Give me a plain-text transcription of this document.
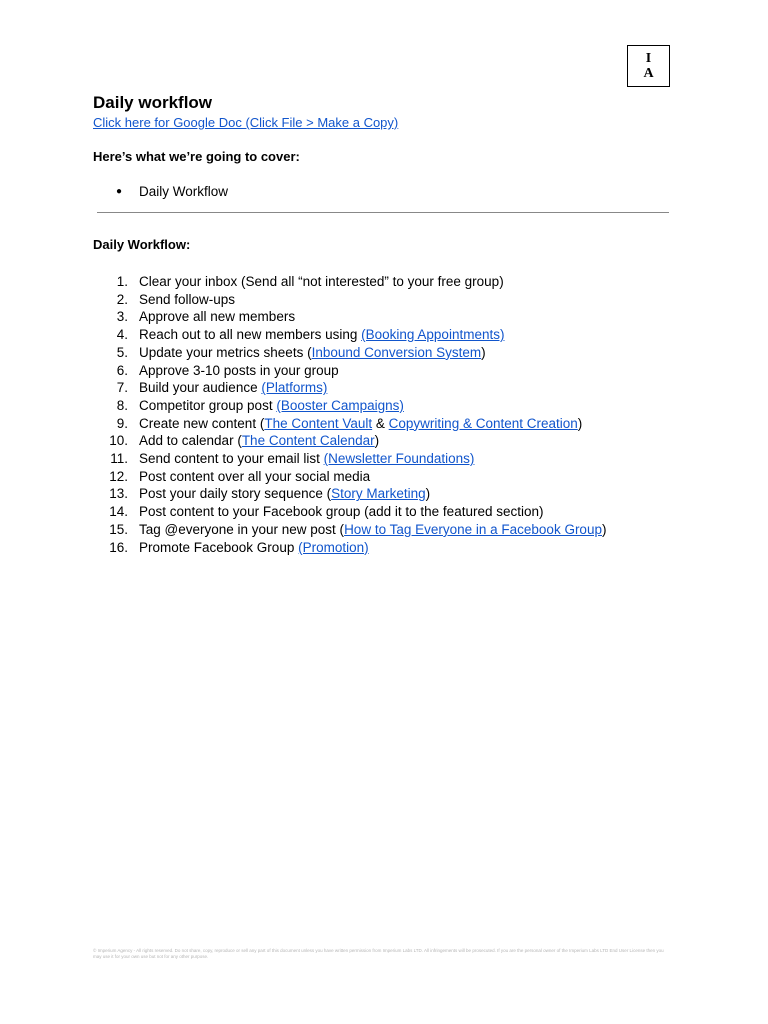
I
A
Daily workflow
Click here for Google Doc (Click File > Make a Copy)
Here’s what we’re going to cover:
● Daily Workflow
Daily Workflow:
1. Clear your inbox (Send all “not interested” to your free group)
2. Send follow-ups
3. Approve all new members
4. Reach out to all new members using (Booking Appointments)
5. Update your metrics sheets (Inbound Conversion System)
6. Approve 3-10 posts in your group
7. Build your audience (Platforms)
8. Competitor group post (Booster Campaigns)
9. Create new content (The Content Vault & Copywriting & Content Creation)
10. Add to calendar (The Content Calendar)
11. Send content to your email list (Newsletter Foundations)
12. Post content over all your social media
13. Post your daily story sequence (Story Marketing)
14. Post content to your Facebook group (add it to the featured section)
15. Tag @everyone in your new post (How to Tag Everyone in a Facebook Group)
16. Promote Facebook Group (Promotion)
© Imperium Agency - All rights reserved. Do not share, copy, reproduce or sell any part of this document unless you have written permission from Imperium Labs LTD. All infringements will be prosecuted. If you are the personal owner of the Imperium Labs LTD End User License then you may use it for your own use but not for any other purpose.
